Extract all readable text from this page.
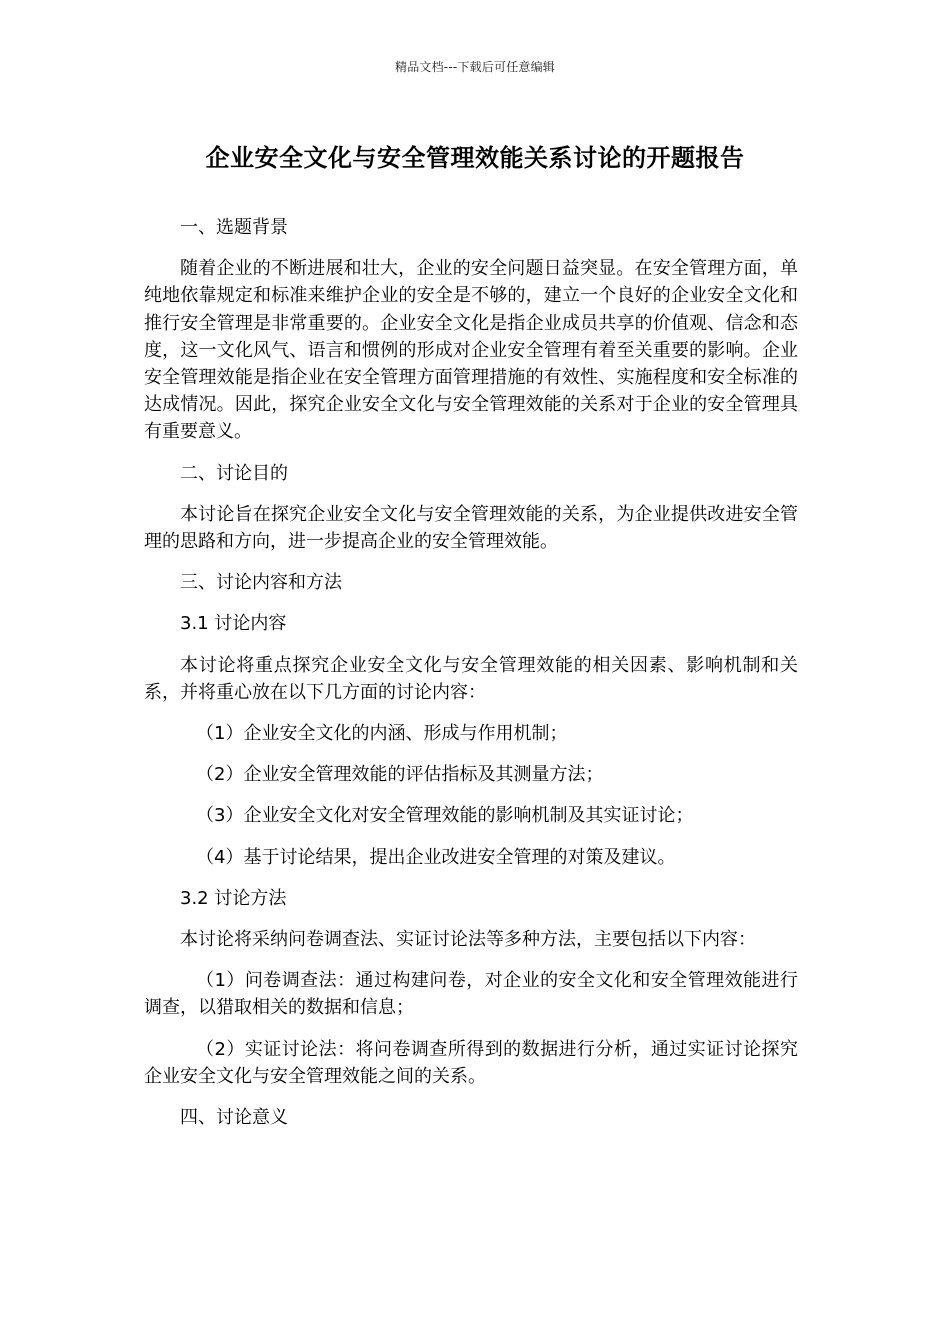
精品文档---下载后可任意编辑
企业安全文化与安全管理效能关系讨论的开题报告
一、选题背景
随着企业的不断进展和壮大，企业的安全问题日益突显。在安全管理方面，单纯地依靠规定和标准来维护企业的安全是不够的，建立一个良好的企业安全文化和推行安全管理是非常重要的。企业安全文化是指企业成员共享的价值观、信念和态度，这一文化风气、语言和惯例的形成对企业安全管理有着至关重要的影响。企业安全管理效能是指企业在安全管理方面管理措施的有效性、实施程度和安全标准的达成情况。因此，探究企业安全文化与安全管理效能的关系对于企业的安全管理具有重要意义。
二、讨论目的
本讨论旨在探究企业安全文化与安全管理效能的关系，为企业提供改进安全管理的思路和方向，进一步提高企业的安全管理效能。
三、讨论内容和方法
3.1 讨论内容
本讨论将重点探究企业安全文化与安全管理效能的相关因素、影响机制和关系，并将重心放在以下几方面的讨论内容：
（1）企业安全文化的内涵、形成与作用机制；
（2）企业安全管理效能的评估指标及其测量方法；
（3）企业安全文化对安全管理效能的影响机制及其实证讨论；
（4）基于讨论结果，提出企业改进安全管理的对策及建议。
3.2 讨论方法
本讨论将采纳问卷调查法、实证讨论法等多种方法，主要包括以下内容：
（1）问卷调查法：通过构建问卷，对企业的安全文化和安全管理效能进行调查，以猎取相关的数据和信息；
（2）实证讨论法：将问卷调查所得到的数据进行分析，通过实证讨论探究企业安全文化与安全管理效能之间的关系。
四、讨论意义
